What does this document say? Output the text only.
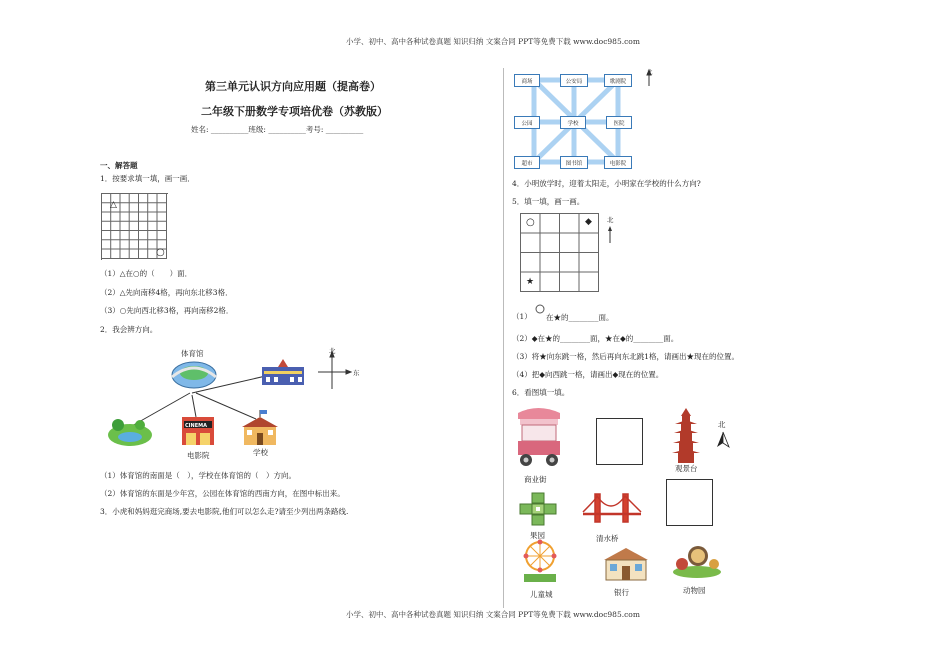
小学、初中、高中各种试卷真题 知识归纳 文案合同 PPT等免费下载 www.doc985.com
小学、初中、高中各种试卷真题 知识归纳 文案合同 PPT等免费下载 www.doc985.com
第三单元认识方向应用题（提高卷）
二年级下册数学专项培优卷（苏教版）
姓名: __________班级: __________考号: __________
一、解答题
1．按要求填一填，画一画．
△
○
（1）△在○的（　　）面．
（2）△先向南移4格，再向东北移3格．
（3）○先向西北移3格，再向南移2格．
2．我会辨方向。
体育馆	北
东
CINEMA
电影院	学校
（1）体育馆的南面是（　），学校在体育馆的（　）方向。
（2）体育馆的东面是少年宫，公园在体育馆的西南方向，在图中标出来。
3．小虎和妈妈逛完商场,要去电影院,他们可以怎么走?请至少列出两条路线.
北
商场	公安局	歌剧院
公园	学校	医院
超市	图书馆	电影院
4．小明放学时，迎着太阳走，小明家在学校的什么方向?
5．填一填，画一画。
○	◆
★
北
（1） 在★的________面。
（2）◆在★的________面，★在◆的________面。
（3）将★向东跳一格，然后再向东北跳1格，请画出★现在的位置。
（4）把◆向西跳一格，请画出◆现在的位置。
6．看图填一填。
商业街
观景台
北
果园	清水桥
儿童城	银行	动物园
